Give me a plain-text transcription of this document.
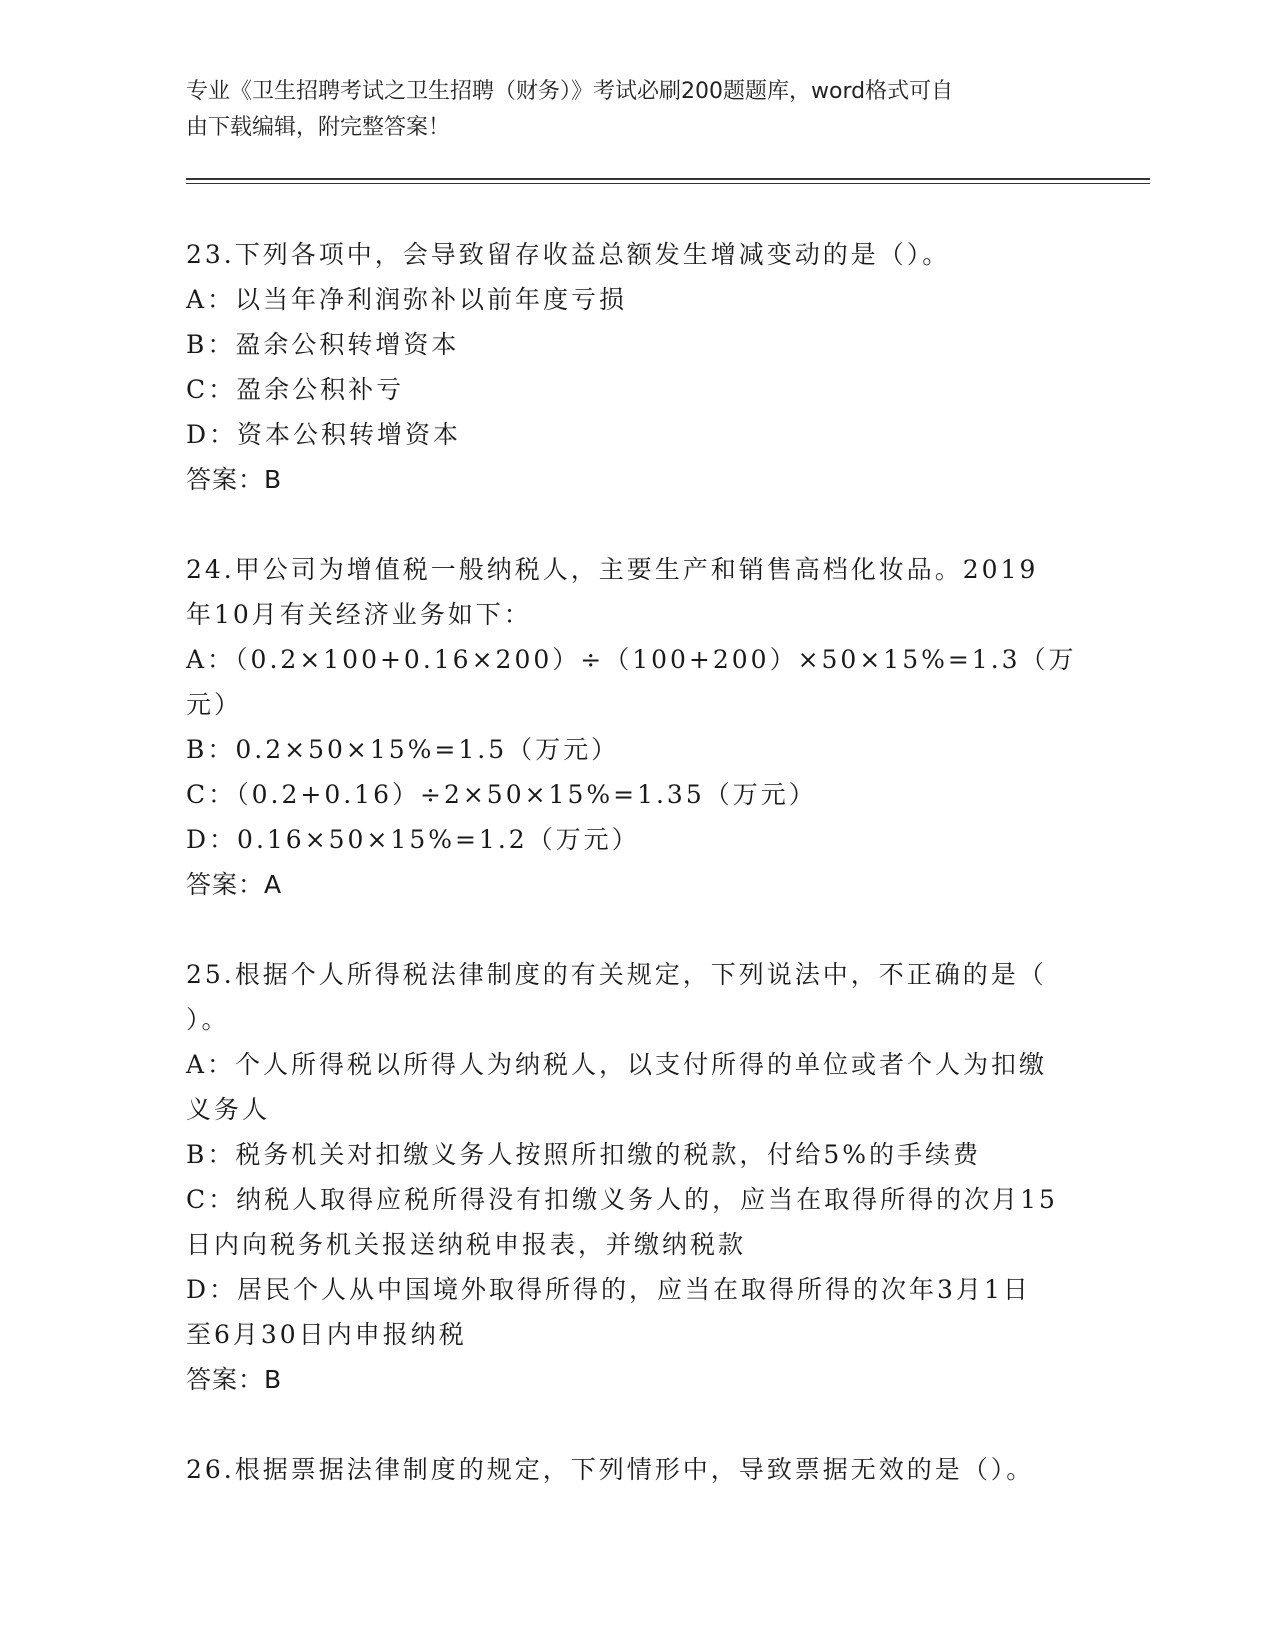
专业《卫生招聘考试之卫生招聘（财务）》考试必刷200题题库，word格式可自
由下载编辑，附完整答案！
23.下列各项中，会导致留存收益总额发生增减变动的是（）。
A：以当年净利润弥补以前年度亏损
B：盈余公积转增资本
C：盈余公积补亏
D：资本公积转增资本
答案：B
24.甲公司为增值税一般纳税人，主要生产和销售高档化妆品。2019
年10月有关经济业务如下：
A：（0.2×100+0.16×200）÷（100+200）×50×15%=1.3（万元）
B：0.2×50×15%=1.5（万元）
C：（0.2+0.16）÷2×50×15%=1.35（万元）
D：0.16×50×15%=1.2（万元）
答案：A
25.根据个人所得税法律制度的有关规定，下列说法中，不正确的是（
）。
A：个人所得税以所得人为纳税人，以支付所得的单位或者个人为扣缴
义务人
B：税务机关对扣缴义务人按照所扣缴的税款，付给5%的手续费
C：纳税人取得应税所得没有扣缴义务人的，应当在取得所得的次月15
日内向税务机关报送纳税申报表，并缴纳税款
D：居民个人从中国境外取得所得的，应当在取得所得的次年3月1日
至6月30日内申报纳税
答案：B
26.根据票据法律制度的规定，下列情形中，导致票据无效的是（）。
